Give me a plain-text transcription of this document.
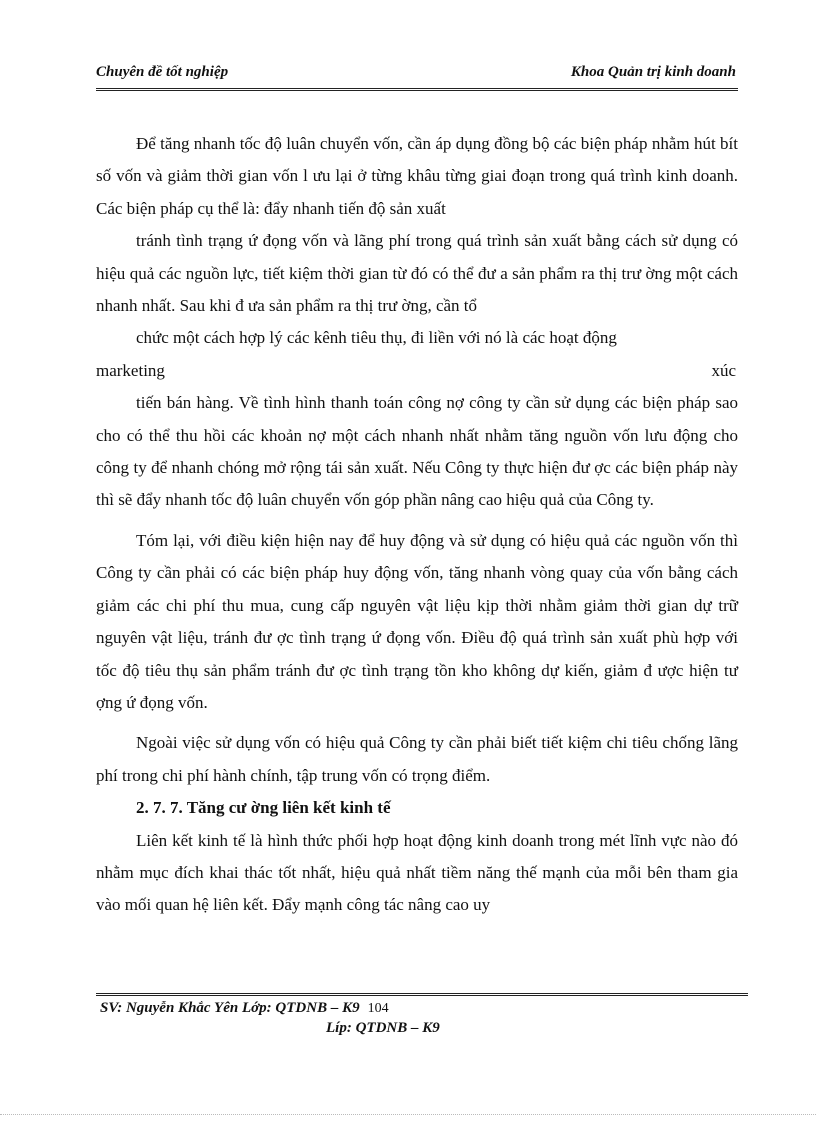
Chuyên đề tốt nghiệp	Khoa Quản trị kinh doanh

Để tăng nhanh tốc độ luân chuyển vốn, cần áp dụng đồng bộ các biện pháp nhằm hút bít số vốn và giảm thời gian vốn l ưu lại ở từng khâu từng giai đoạn trong quá trình kinh doanh. Các biện pháp cụ thể là: đẩy nhanh tiến độ sản xuất

tránh tình trạng ứ đọng vốn và lãng phí trong quá trình sản xuất bằng cách sử dụng có hiệu quả các nguồn lực, tiết kiệm thời gian từ đó có thể đư a sản phẩm ra thị trư ờng một cách nhanh nhất. Sau khi đ ưa sản phẩm ra thị trư ờng, cần tổ

chức một cách hợp lý các kênh tiêu thụ, đi liền với nó là các hoạt động

marketing	xúc

tiến bán hàng. Về tình hình thanh toán công nợ công ty cần sử dụng các biện pháp sao cho có thể thu hồi các khoản nợ một cách nhanh nhất nhằm tăng nguồn vốn lưu động cho công ty để nhanh chóng mở rộng tái sản xuất. Nếu Công ty thực hiện đư ợc các biện pháp này thì sẽ đẩy nhanh tốc độ luân chuyển vốn góp phần nâng cao hiệu quả của Công ty.

Tóm lại, với điều kiện hiện nay để huy động và sử dụng có hiệu quả các nguồn vốn thì Công ty cần phải có các biện pháp huy động vốn, tăng nhanh vòng quay của vốn bằng cách giảm các chi phí thu mua, cung cấp nguyên vật liệu kịp thời nhằm giảm thời gian dự trữ nguyên vật liệu, tránh đư ợc tình trạng ứ đọng vốn. Điều độ quá trình sản xuất phù hợp với tốc độ tiêu thụ sản phẩm tránh đư ợc tình trạng tồn kho không dự kiến, giảm đ ược hiện tư ợng ứ đọng vốn.

Ngoài việc sử dụng vốn có hiệu quả Công ty cần phải biết tiết kiệm chi tiêu chống lãng phí trong chi phí hành chính, tập trung vốn có trọng điểm.

2. 7. 7. Tăng cư ờng liên kết kinh tế

Liên kết kinh tế là hình thức phối hợp hoạt động kinh doanh trong mét lĩnh vực nào đó nhằm mục đích khai thác tốt nhất, hiệu quả nhất tiềm năng thế mạnh của mỗi bên tham gia vào mối quan hệ liên kết. Đẩy mạnh công tác nâng cao uy

SV: Nguyễn Khắc Yên Lớp: QTDNB – K9 104
Líp: QTDNB – K9
